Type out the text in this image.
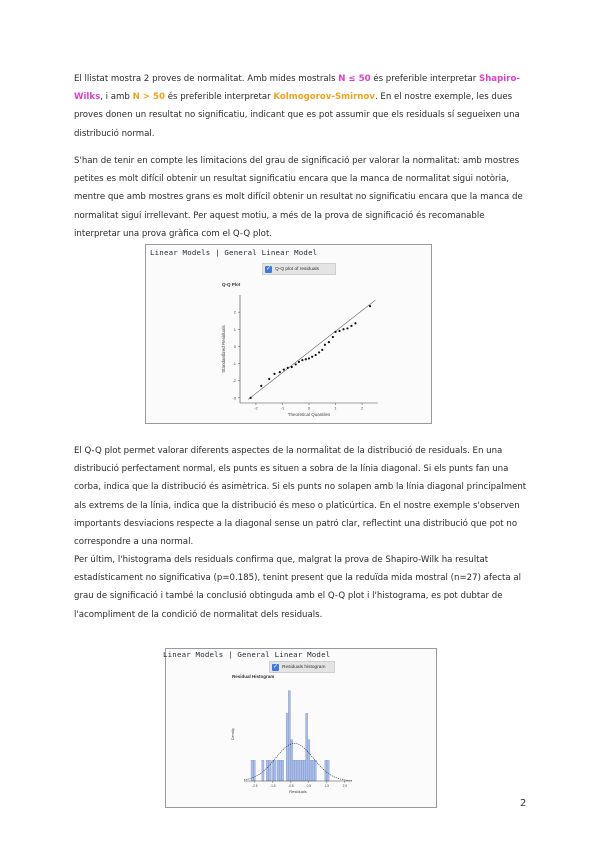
El llistat mostra 2 proves de normalitat. Amb mides mostrals N ≤ 50 és preferible interpretar Shapiro-Wilks, i amb N > 50 és preferible interpretar Kolmogorov-Smirnov. En el nostre exemple, les dues proves donen un resultat no significatiu, indicant que es pot assumir que els residuals sí segueixen una distribució normal.

S'han de tenir en compte les limitacions del grau de significació per valorar la normalitat: amb mostres petites es molt difícil obtenir un resultat significatiu encara que la manca de normalitat sigui notòria, mentre que amb mostres grans es molt difícil obtenir un resultat no significatiu encara que la manca de normalitat sigui irrellevant. Per aquest motiu, a més de la prova de significació és recomanable interpretar una prova gràfica com el Q-Q plot.

Linear Models | General Linear Model
✓ Q-Q plot of residuals
Q-Q Plot
-3
-2
-1
0
1
2
-2	-1	0	1	2
Theoretical Quantiles
Standardized Residuals

El Q-Q plot permet valorar diferents aspectes de la normalitat de la distribució de residuals. En una distribució perfectament normal, els punts es situen a sobra de la línia diagonal. Si els punts fan una corba, indica que la distribució és asimètrica. Si els punts no solapen amb la línia diagonal principalment als extrems de la línia, indica que la distribució és meso o platicúrtica. En el nostre exemple s'observen importants desviacions respecte a la diagonal sense un patró clar, reflectint una distribució que pot no correspondre a una normal.

Per últim, l'histograma dels residuals confirma que, malgrat la prova de Shapiro-Wilk ha resultat estadísticament no significativa (p=0.185), tenint present que la reduïda mida mostral (n=27) afecta al grau de significació i també la conclusió obtinguda amb el Q-Q plot i l'histograma, es pot dubtar de l'acompliment de la condició de normalitat dels residuals.

Linear Models | General Linear Model
✓ Residuals histogram
Residual Histogram
-2.5	-1.5	-0.5	0.5	1.5	2.5
Residuals
Density
2
